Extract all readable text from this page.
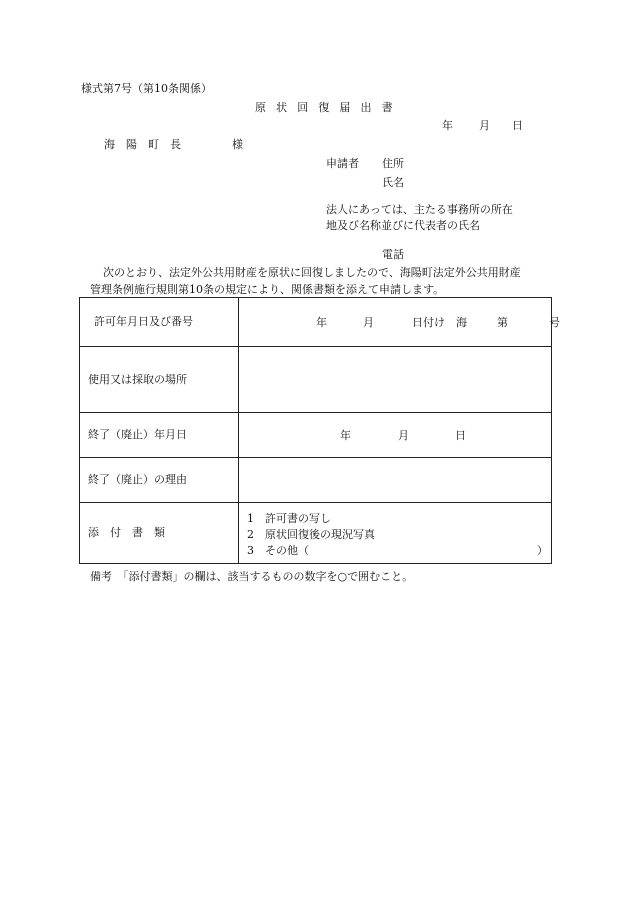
様式第7号（第10条関係）
原 状 回 復 届 出 書
年 月 日
海　陽　町　長	様
申請者 住所
氏名
法人にあっては、主たる事務所の所在
地及び名称並びに代表者の氏名
電話
次のとおり、法定外公共用財産を原状に回復しましたので、海陽町法定外公共用財産
管理条例施行規則第10条の規定により、関係書類を添えて申請します。
許可年月日及び番号	年 月 日付け　海 第 号

使用又は採取の場所	
終了（廃止）年月日	年 月 日

終了（廃止）の理由	
添　付　書　類	1　許可書の写し
2　原状回復後の現況写真
3　その他（ ）
備考　「添付書類」の欄は、該当するものの数字を○で囲むこと。
